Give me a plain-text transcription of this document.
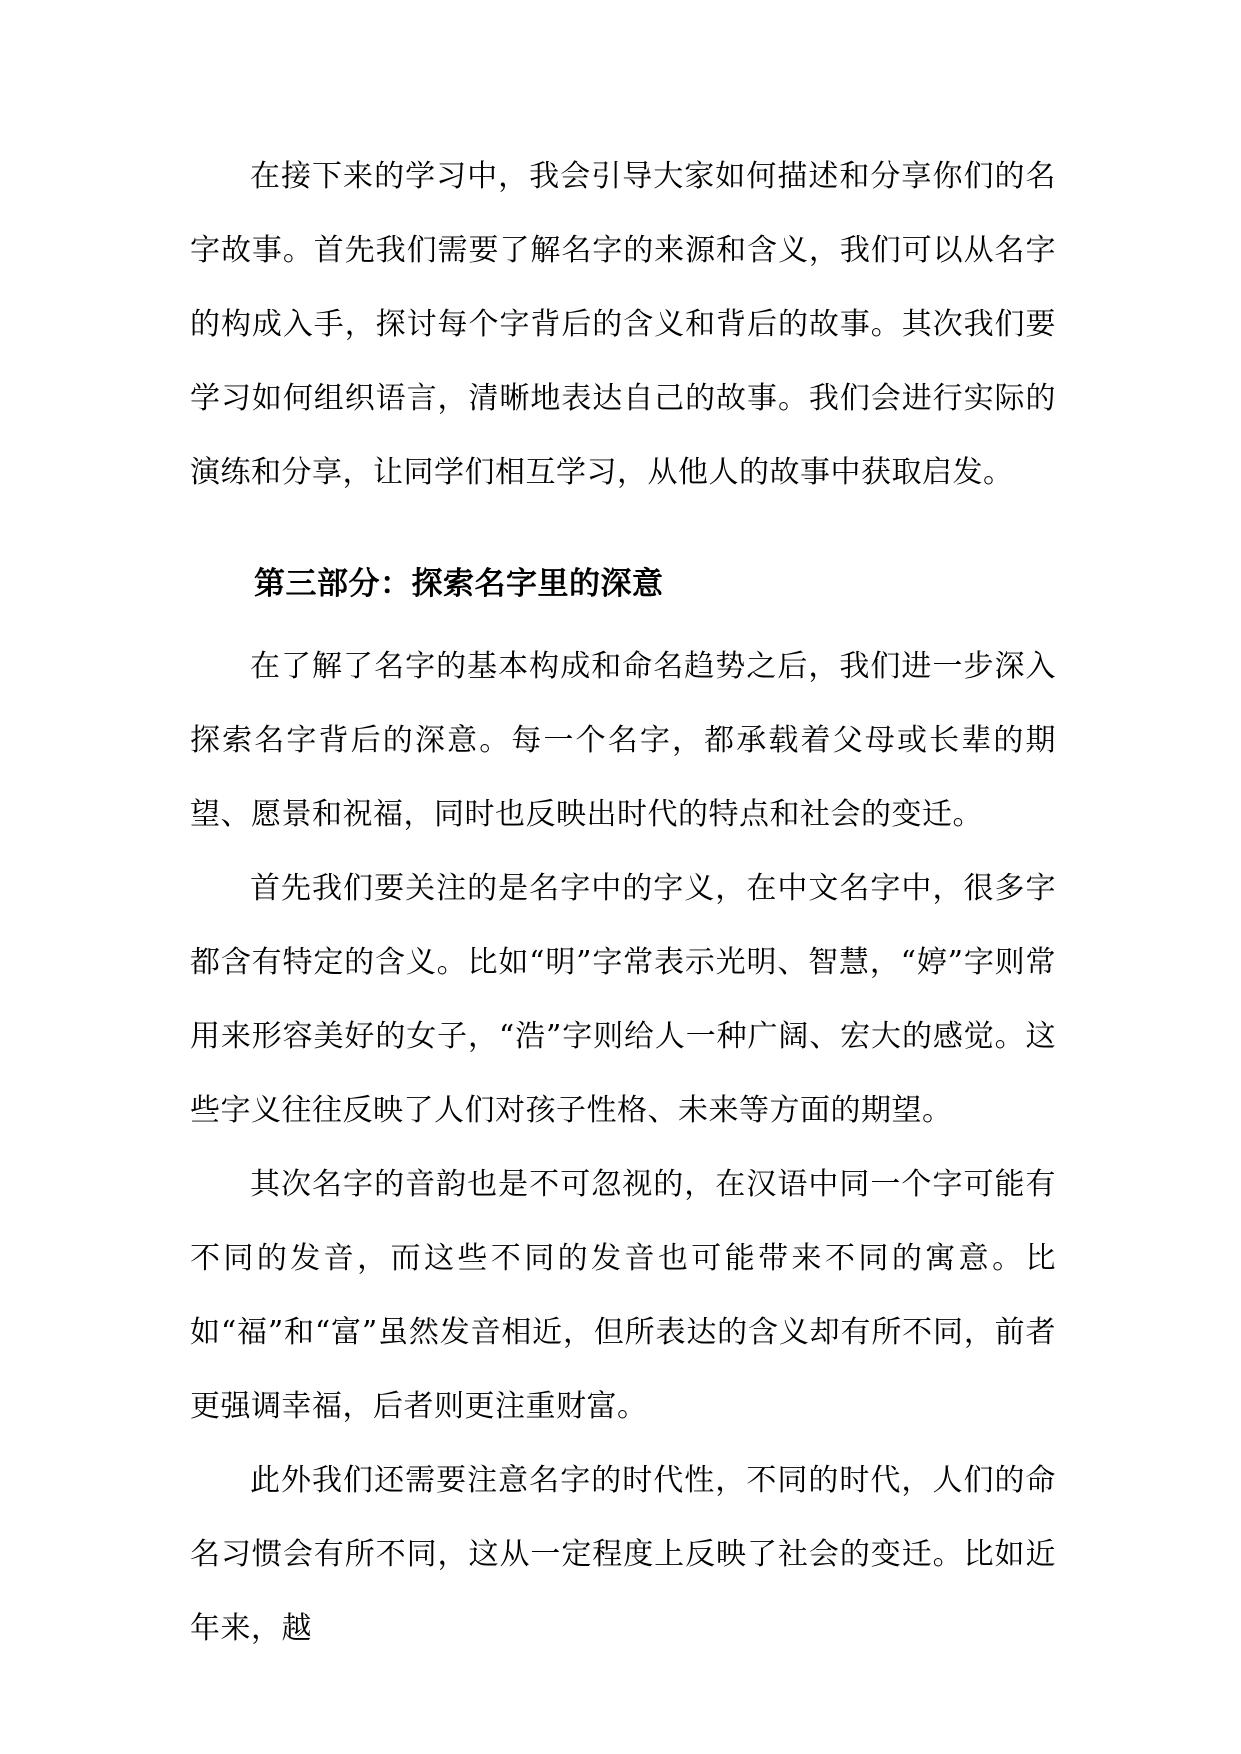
在接下来的学习中，我会引导大家如何描述和分享你们的名字故事。首先我们需要了解名字的来源和含义，我们可以从名字的构成入手，探讨每个字背后的含义和背后的故事。其次我们要学习如何组织语言，清晰地表达自己的故事。我们会进行实际的演练和分享，让同学们相互学习，从他人的故事中获取启发。

第三部分：探索名字里的深意

在了解了名字的基本构成和命名趋势之后，我们进一步深入探索名字背后的深意。每一个名字，都承载着父母或长辈的期望、愿景和祝福，同时也反映出时代的特点和社会的变迁。

首先我们要关注的是名字中的字义，在中文名字中，很多字都含有特定的含义。比如“明”字常表示光明、智慧，“婷”字则常用来形容美好的女子，“浩”字则给人一种广阔、宏大的感觉。这些字义往往反映了人们对孩子性格、未来等方面的期望。

其次名字的音韵也是不可忽视的，在汉语中同一个字可能有不同的发音，而这些不同的发音也可能带来不同的寓意。比如“福”和“富”虽然发音相近，但所表达的含义却有所不同，前者更强调幸福，后者则更注重财富。

此外我们还需要注意名字的时代性，不同的时代，人们的命名习惯会有所不同，这从一定程度上反映了社会的变迁。比如近年来，越
